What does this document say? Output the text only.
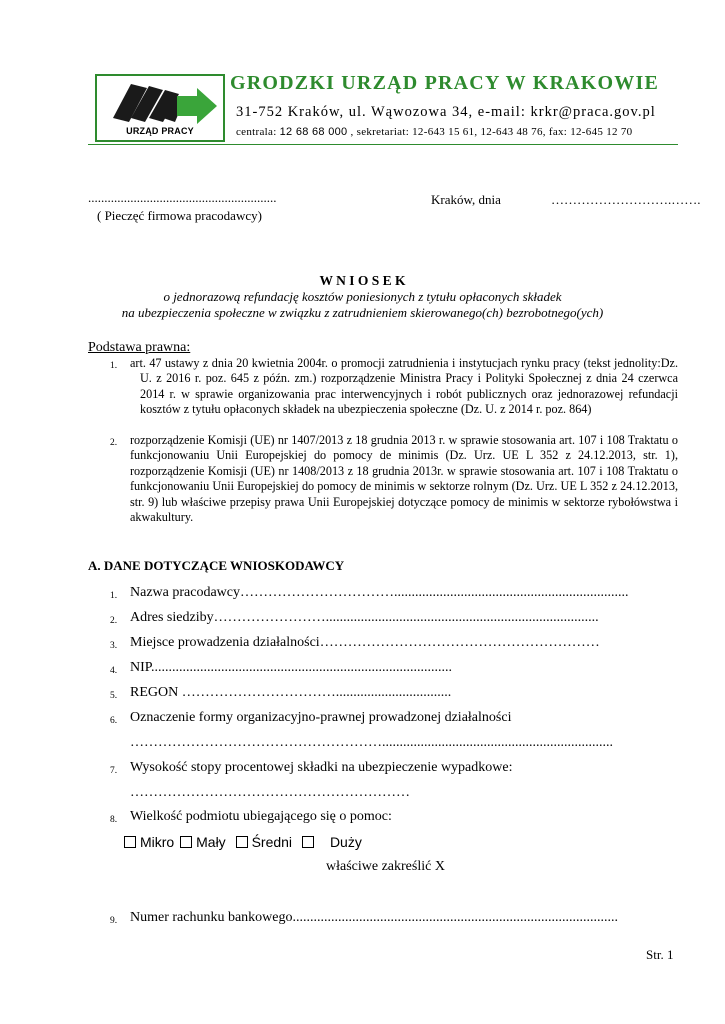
URZĄD PRACY
GRODZKI URZĄD PRACY W KRAKOWIE
31-752 Kraków, ul. Wąwozowa 34, e-mail: krkr@praca.gov.pl
centrala: 12 68 68 000 , sekretariat: 12-643 15 61, 12-643 48 76, fax: 12-645 12 70
..........................................................
( Pieczęć firmowa pracodawcy)
Kraków, dnia	……………………….…….
W N I O S E K
o jednorazową refundację kosztów poniesionych z tytułu opłaconych składek
na ubezpieczenia społeczne w związku z zatrudnieniem skierowanego(ch) bezrobotnego(ych)
Podstawa prawna:
1. art. 47 ustawy z dnia 20 kwietnia 2004r. o promocji zatrudnienia i instytucjach rynku pracy (tekst jednolity:Dz. U. z 2016 r. poz. 645 z późn. zm.) rozporządzenie Ministra Pracy i Polityki Społecznej z dnia 24 czerwca 2014 r. w sprawie organizowania prac interwencyjnych i robót publicznych oraz jednorazowej refundacji kosztów z tytułu opłaconych składek na ubezpieczenia społeczne (Dz. U. z 2014 r. poz. 864)
2. rozporządzenie Komisji (UE) nr 1407/2013 z 18 grudnia 2013 r. w sprawie stosowania art. 107 i 108 Traktatu o funkcjonowaniu Unii Europejskiej do pomocy de minimis (Dz. Urz. UE L 352 z 24.12.2013, str. 1), rozporządzenie Komisji (UE) nr 1408/2013 z 18 grudnia 2013r. w sprawie stosowania art. 107 i 108 Traktatu o funkcjonowaniu Unii Europejskiej do pomocy de minimis w sektorze rolnym (Dz. Urz. UE L 352 z 24.12.2013, str. 9) lub właściwe przepisy prawa Unii Europejskiej dotyczące pomocy de minimis w sektorze rybołówstwa i akwakultury.
A. DANE DOTYCZĄCE WNIOSKODAWCY
1. Nazwa pracodawcy……………………………...................................................................
2. Adres siedziby……………………..............................................................................
3. Miejsce prowadzenia działalności……………………………………………………
4. NIP......................................................................................
5. REGON …………………………….................................
6. Oznaczenie formy organizacyjno-prawnej prowadzonej działalności
………………………………………………..................................................................
7. Wysokość stopy procentowej składki na ubezpieczenie wypadkowe:
……………………………………………………
8. Wielkość podmiotu ubiegającego się o pomoc:
Mikro Mały Średni	Duży
właściwe zakreślić X
9. Numer rachunku bankowego.............................................................................................
Str. 1
